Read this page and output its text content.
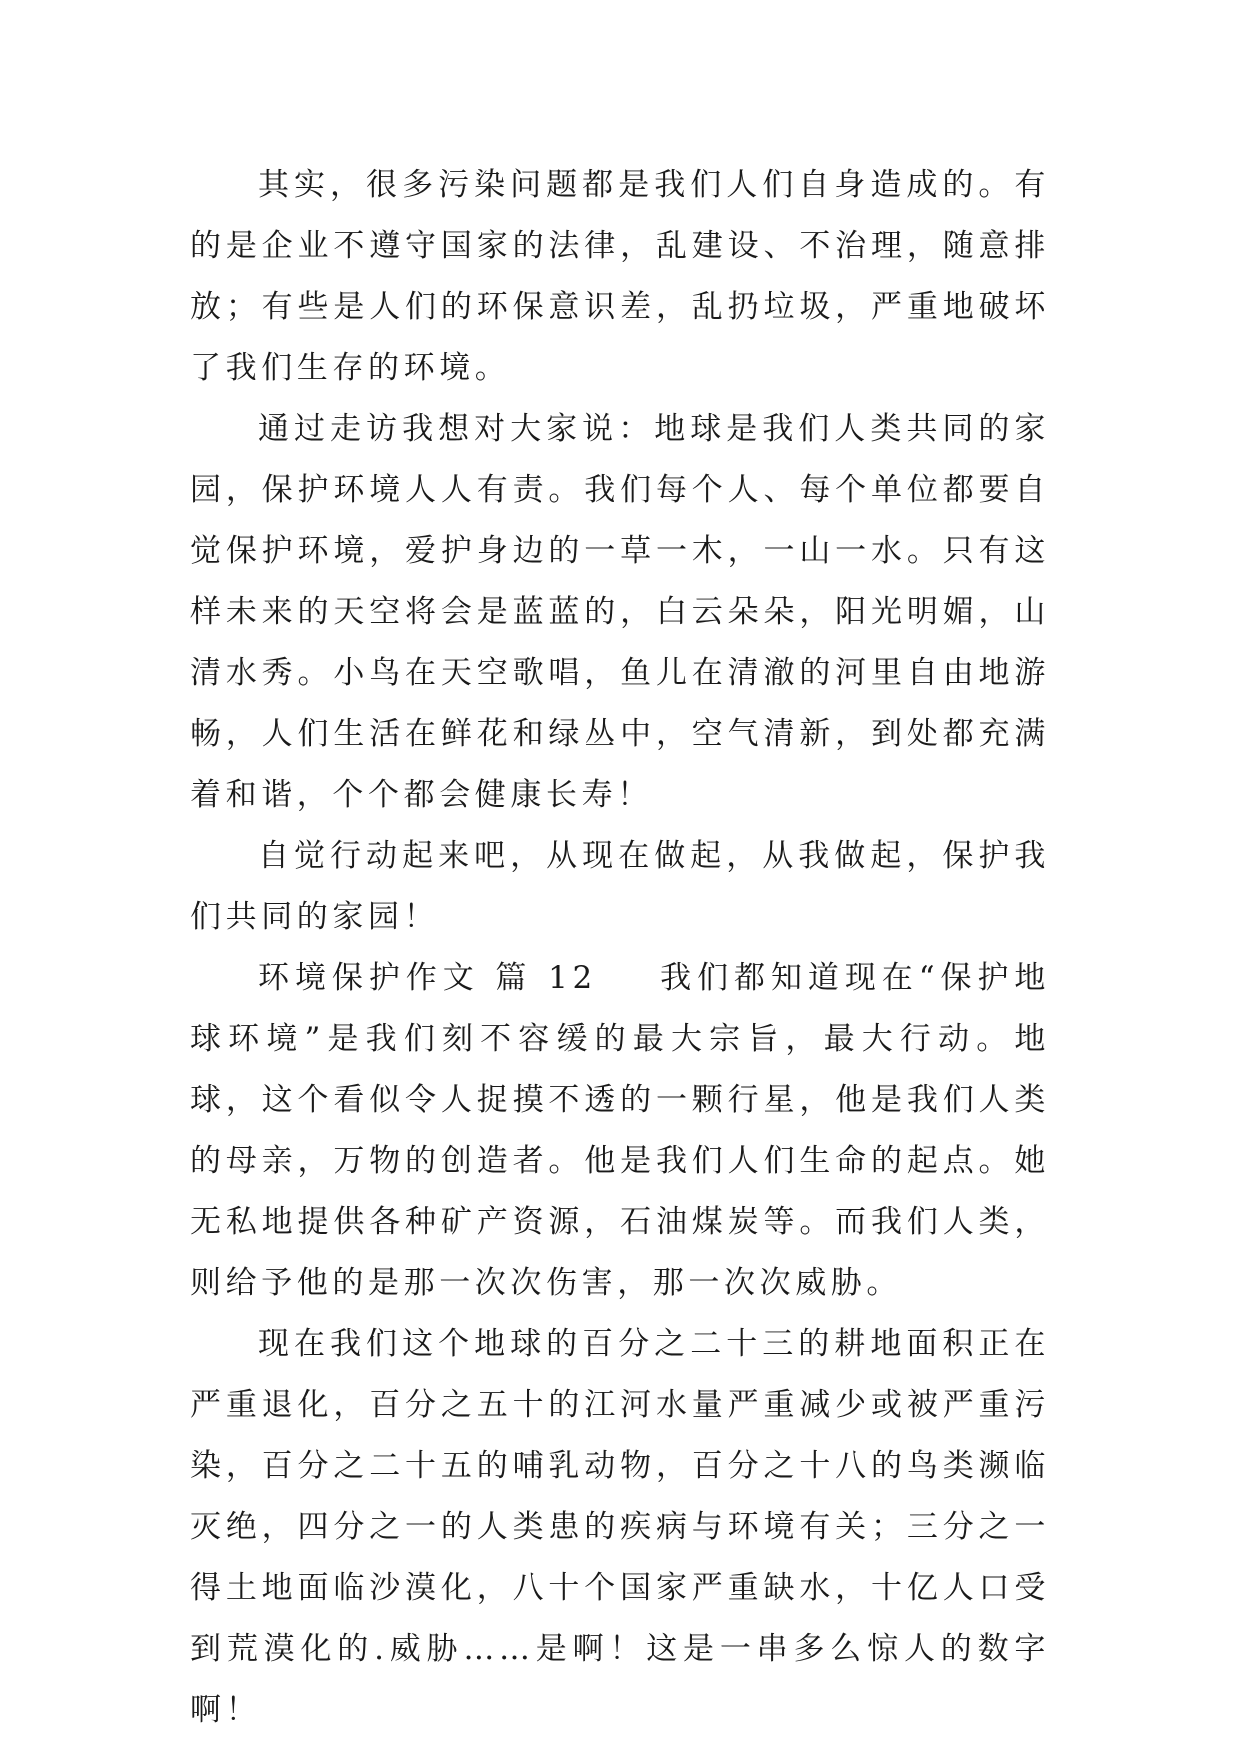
其实，很多污染问题都是我们人们自身造成的。有的是企业不遵守国家的法律，乱建设、不治理，随意排放；有些是人们的环保意识差，乱扔垃圾，严重地破坏了我们生存的环境。

通过走访我想对大家说：地球是我们人类共同的家园，保护环境人人有责。我们每个人、每个单位都要自觉保护环境，爱护身边的一草一木，一山一水。只有这样未来的天空将会是蓝蓝的，白云朵朵，阳光明媚，山清水秀。小鸟在天空歌唱，鱼儿在清澈的河里自由地游畅，人们生活在鲜花和绿丛中，空气清新，到处都充满着和谐，个个都会健康长寿！

自觉行动起来吧，从现在做起，从我做起，保护我们共同的家园！

环境保护作文 篇 12 我们都知道现在“保护地球环境”是我们刻不容缓的最大宗旨，最大行动。地球，这个看似令人捉摸不透的一颗行星，他是我们人类的母亲，万物的创造者。他是我们人们生命的起点。她无私地提供各种矿产资源，石油煤炭等。而我们人类，则给予他的是那一次次伤害，那一次次威胁。

现在我们这个地球的百分之二十三的耕地面积正在严重退化，百分之五十的江河水量严重减少或被严重污染，百分之二十五的哺乳动物，百分之十八的鸟类濒临灭绝，四分之一的人类患的疾病与环境有关；三分之一得土地面临沙漠化，八十个国家严重缺水，十亿人口受到荒漠化的.威胁……是啊！这是一串多么惊人的数字啊！
